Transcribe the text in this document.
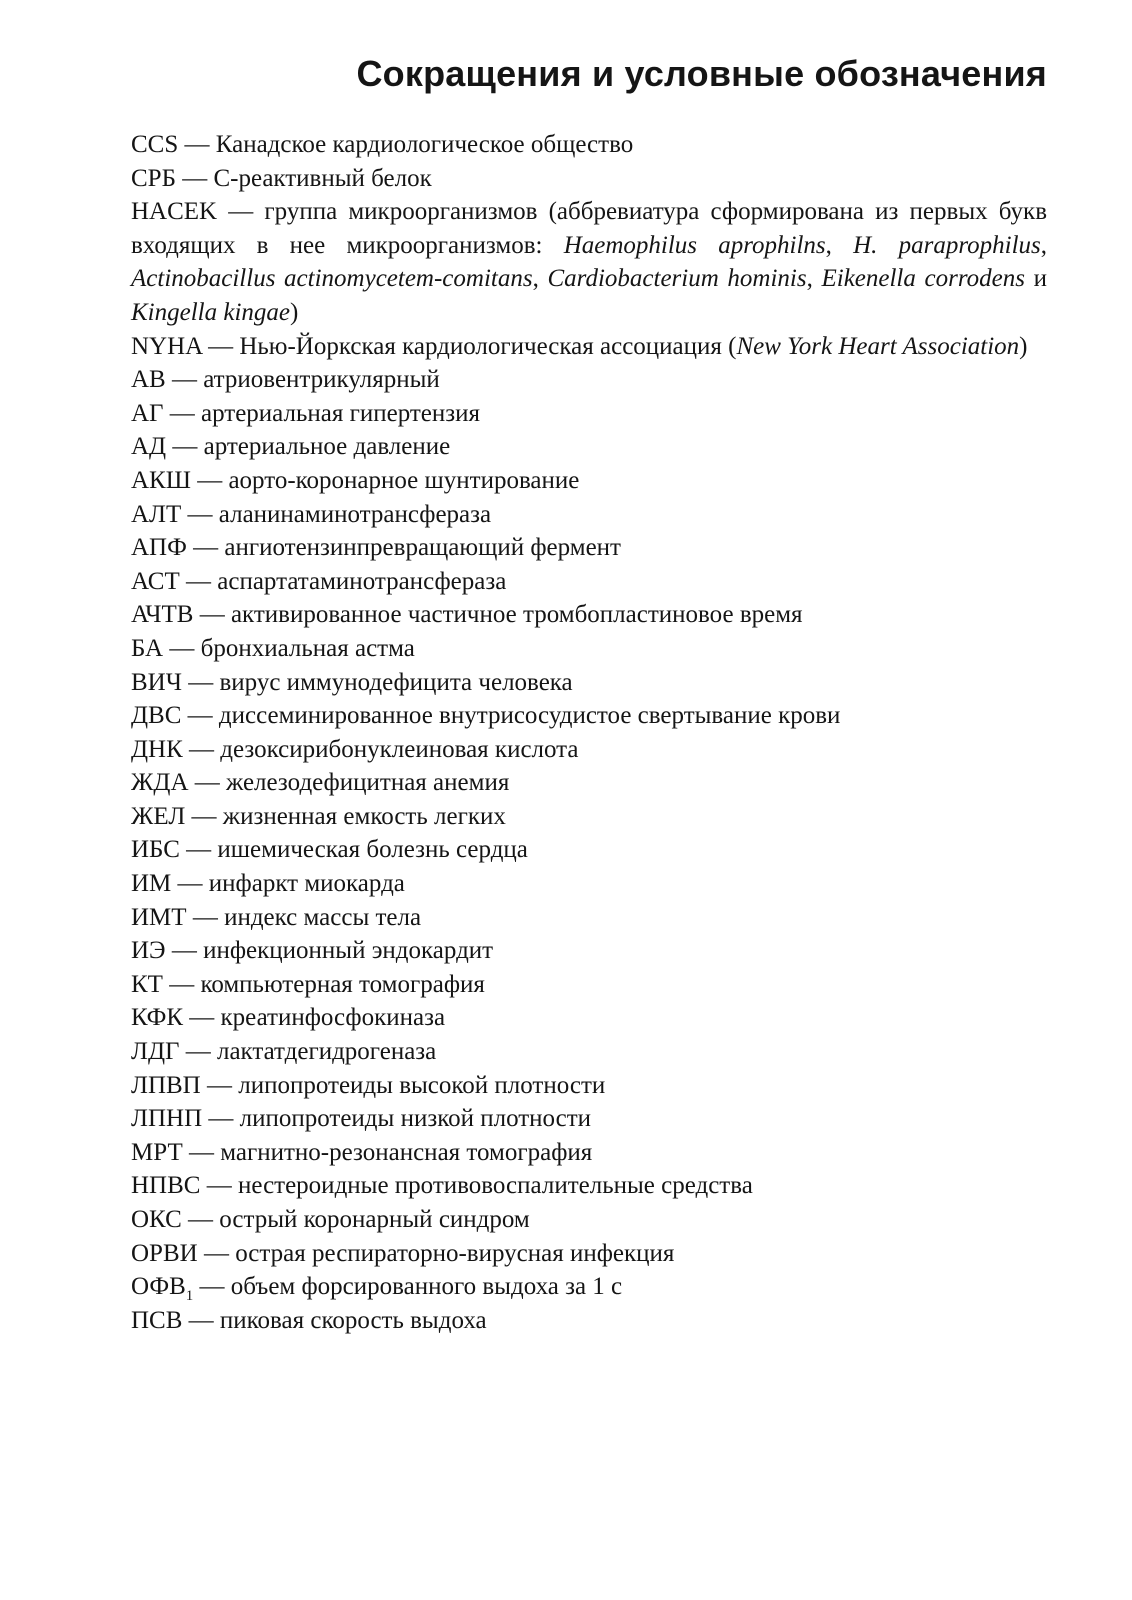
Сокращения и условные обозначения
CCS — Канадское кардиологическое общество
СРБ — С-реактивный белок
HACEK — группа микроорганизмов (аббревиатура сформирована из первых букв входящих в нее микроорганизмов: Haemophilus aprophilns, H. paraprophilus, Actinobacillus actinomycetem-comitans, Cardiobacterium hominis, Eikenella corrodens и Kingella kingae)
NYHA — Нью-Йоркская кардиологическая ассоциация (New York Heart Association)
АВ — атриовентрикулярный
АГ — артериальная гипертензия
АД — артериальное давление
АКШ — аорто-коронарное шунтирование
АЛТ — аланинаминотрансфераза
АПФ — ангиотензинпревращающий фермент
АСТ — аспартатаминотрансфераза
АЧТВ — активированное частичное тромбопластиновое время
БА — бронхиальная астма
ВИЧ — вирус иммунодефицита человека
ДВС — диссеминированное внутрисосудистое свертывание крови
ДНК — дезоксирибонуклеиновая кислота
ЖДА — железодефицитная анемия
ЖЕЛ — жизненная емкость легких
ИБС — ишемическая болезнь сердца
ИМ — инфаркт миокарда
ИМТ — индекс массы тела
ИЭ — инфекционный эндокардит
КТ — компьютерная томография
КФК — креатинфосфокиназа
ЛДГ — лактатдегидрогеназа
ЛПВП — липопротеиды высокой плотности
ЛПНП — липопротеиды низкой плотности
МРТ — магнитно-резонансная томография
НПВС — нестероидные противовоспалительные средства
ОКС — острый коронарный синдром
ОРВИ — острая респираторно-вирусная инфекция
$ОФВ_1$ — объем форсированного выдоха за 1 с
ПСВ — пиковая скорость выдоха
